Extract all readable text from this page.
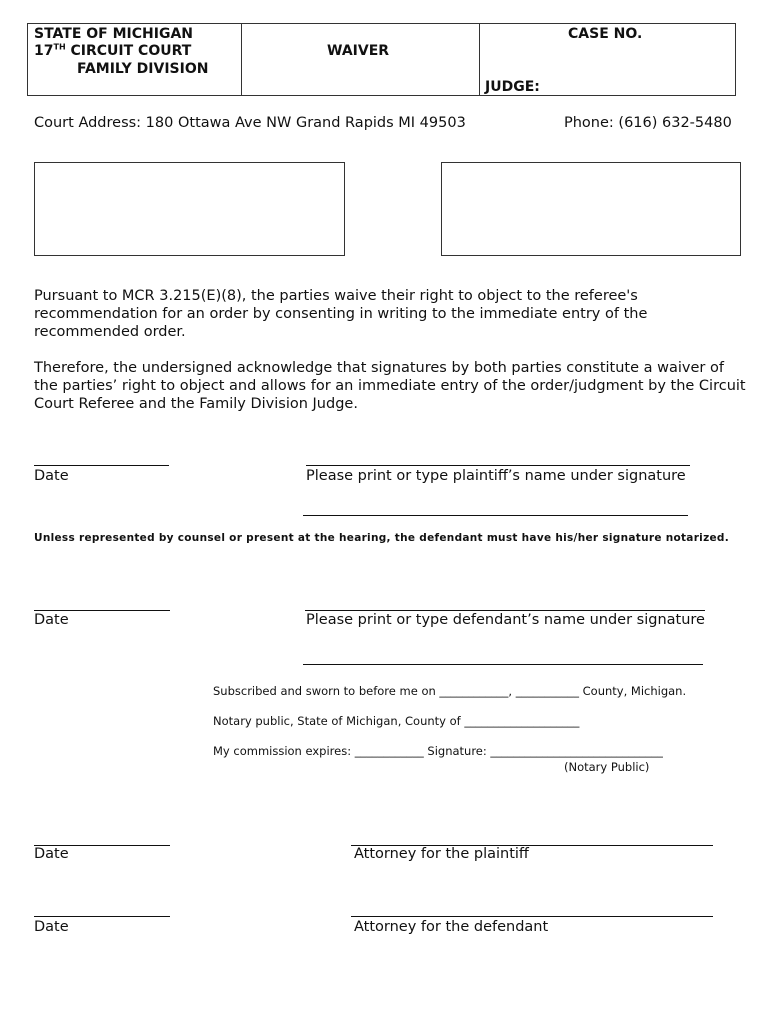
STATE OF MICHIGAN
17TH CIRCUIT COURT
FAMILY DIVISION
WAIVER
CASE NO.
JUDGE:
Court Address: 180 Ottawa Ave NW Grand Rapids MI 49503	Phone: (616) 632-5480
Pursuant to MCR 3.215(E)(8), the parties waive their right to object to the referee's recommendation for an order by consenting in writing to the immediate entry of the recommended order.
Therefore, the undersigned acknowledge that signatures by both parties constitute a waiver of the parties’ right to object and allows for an immediate entry of the order/judgment by the Circuit Court Referee and the Family Division Judge.
Date	Please print or type plaintiff’s name under signature
Unless represented by counsel or present at the hearing, the defendant must have his/her signature notarized.
Date	Please print or type defendant’s name under signature
Subscribed and sworn to before me on ____________, ___________ County, Michigan.
Notary public, State of Michigan, County of ____________________
My commission expires: ____________ Signature: ______________________________
(Notary Public)
Date	Attorney for the plaintiff
Date	Attorney for the defendant
